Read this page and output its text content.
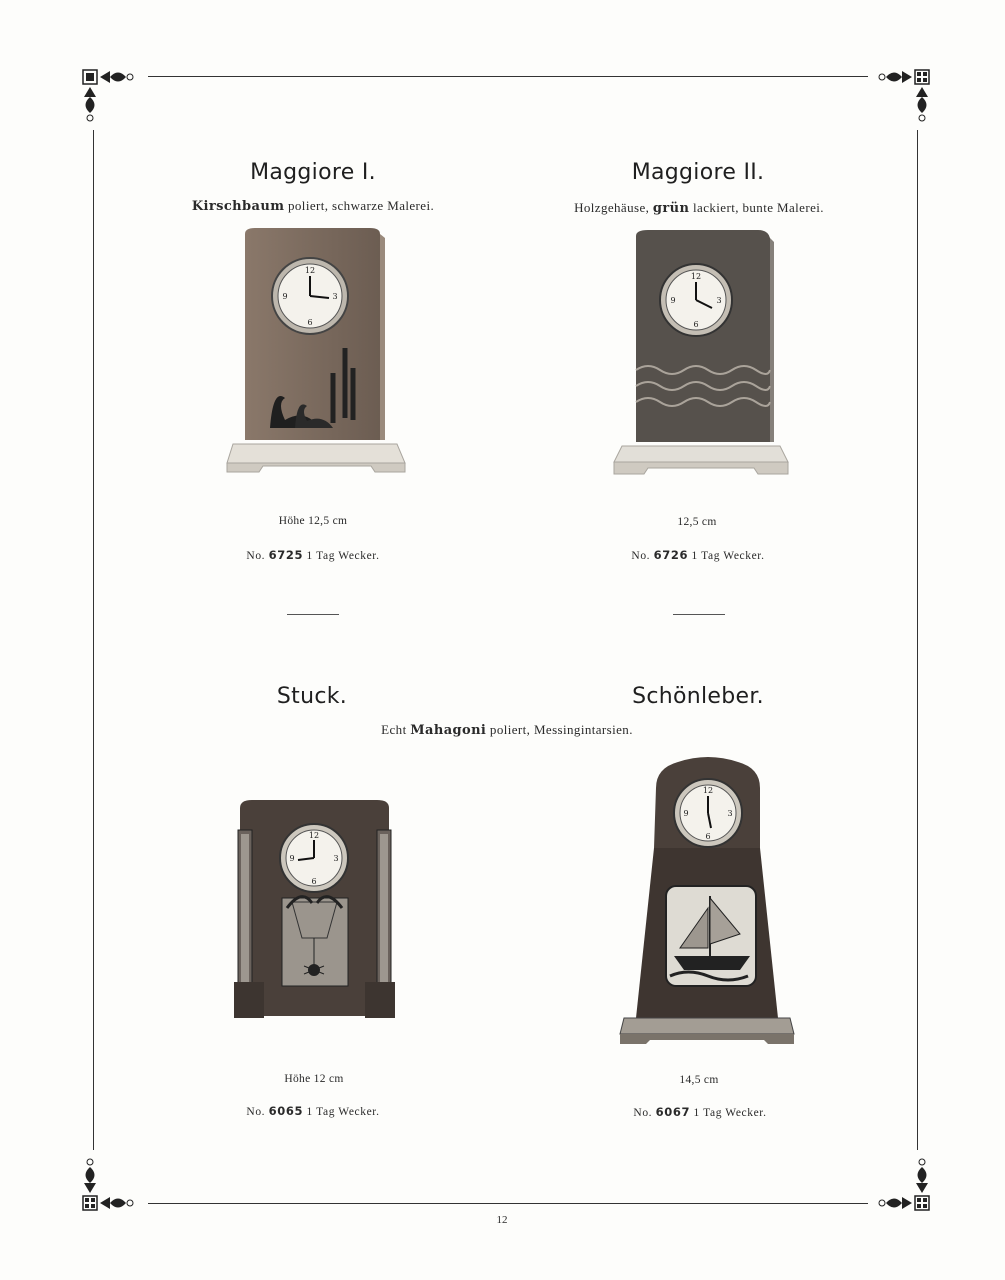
Maggiore I.
Kirschbaum poliert, schwarze Malerei.
12
6
3
9
Höhe 12,5 cm
No. 6725 1 Tag Wecker.
Maggiore II.
Holzgehäuse, grün lackiert, bunte Malerei.
12
6
3
9
12,5 cm
No. 6726 1 Tag Wecker.
Stuck.	Schönleber.
Echt Mahagoni poliert, Messingintarsien.
12
6
3
9
12
6
3
9
Höhe 12 cm
No. 6065 1 Tag Wecker.
14,5 cm
No. 6067 1 Tag Wecker.
12
